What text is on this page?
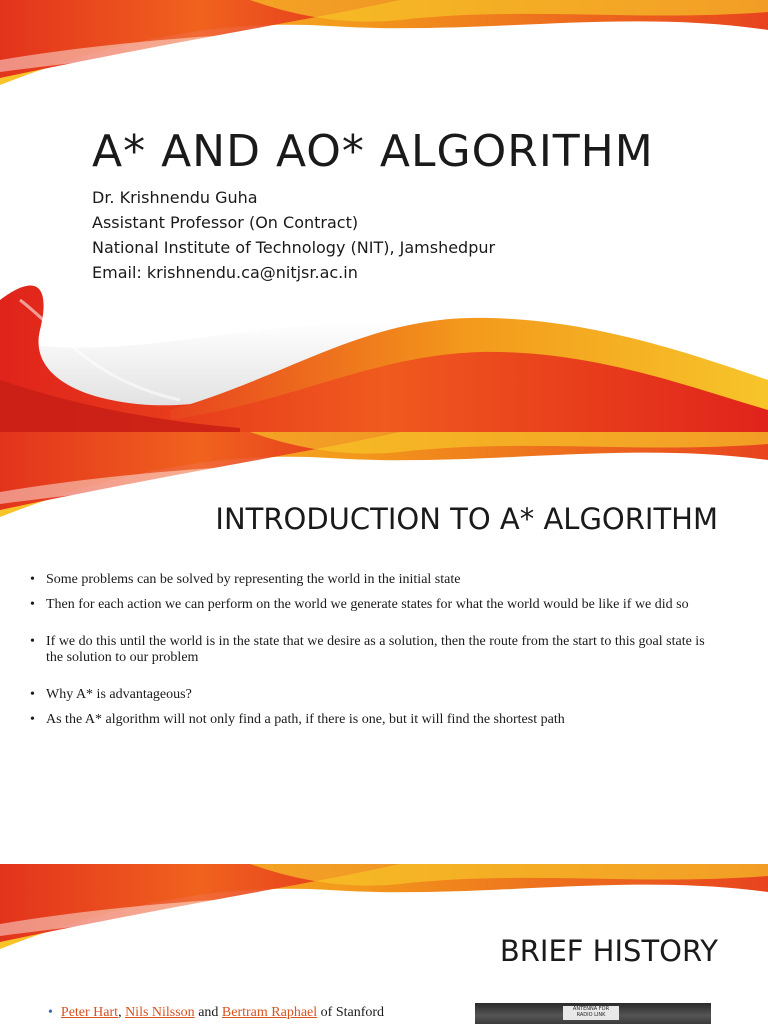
A* AND AO* ALGORITHM
Dr. Krishnendu Guha
Assistant Professor (On Contract)
National Institute of Technology (NIT), Jamshedpur
Email: krishnendu.ca@nitjsr.ac.in
INTRODUCTION TO A* ALGORITHM
• Some problems can be solved by representing the world in the initial state
• Then for each action we can perform on the world we generate states for what the world would be like if we did so
• If we do this until the world is in the state that we desire as a solution, then the route from the start to this goal state is the solution to our problem
• Why A* is advantageous?
• As the A* algorithm will not only find a path, if there is one, but it will find the shortest path
BRIEF HISTORY
• Peter Hart, Nils Nilsson and Bertram Raphael of Stanford	ANTENNA FOR
RADIO LINK
